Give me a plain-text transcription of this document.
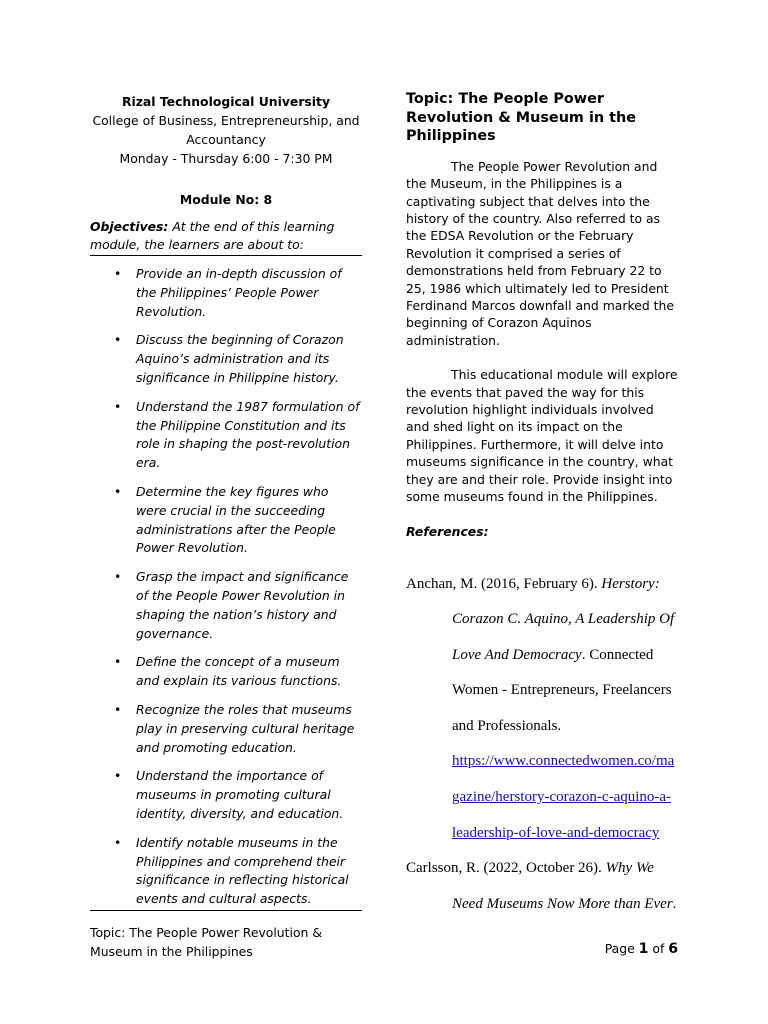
Rizal Technological University
College of Business, Entrepreneurship, and
Accountancy
Monday - Thursday 6:00 - 7:30 PM
Module No: 8
Objectives: At the end of this learning module, the learners are about to:
• Provide an in-depth discussion of the Philippines’ People Power Revolution.
• Discuss the beginning of Corazon Aquino’s administration and its significance in Philippine history.
• Understand the 1987 formulation of the Philippine Constitution and its role in shaping the post-revolution era.
• Determine the key figures who were crucial in the succeeding administrations after the People Power Revolution.
• Grasp the impact and significance of the People Power Revolution in shaping the nation’s history and governance.
• Define the concept of a museum and explain its various functions.
• Recognize the roles that museums play in preserving cultural heritage and promoting education.
• Understand the importance of museums in promoting cultural identity, diversity, and education.
• Identify notable museums in the Philippines and comprehend their significance in reflecting historical events and cultural aspects.
Topic: The People Power Revolution & Museum in the Philippines

The People Power Revolution and the Museum, in the Philippines is a captivating subject that delves into the history of the country. Also referred to as the EDSA Revolution or the February Revolution it comprised a series of demonstrations held from February 22 to 25, 1986 which ultimately led to President Ferdinand Marcos downfall and marked the beginning of Corazon Aquinos administration.

This educational module will explore the events that paved the way for this revolution highlight individuals involved and shed light on its impact on the Philippines. Furthermore, it will delve into museums significance in the country, what they are and their role. Provide insight into some museums found in the Philippines.

References:
Anchan, M. (2016, February 6). Herstory:
Corazon C. Aquino, A Leadership Of
Love And Democracy. Connected
Women - Entrepreneurs, Freelancers
and Professionals.
https://www.connectedwomen.co/ma
gazine/herstory-corazon-c-aquino-a-
leadership-of-love-and-democracy
Carlsson, R. (2022, October 26). Why We
Need Museums Now More than Ever.
Topic: The People Power Revolution & Museum in the Philippines	Page 1 of 6
